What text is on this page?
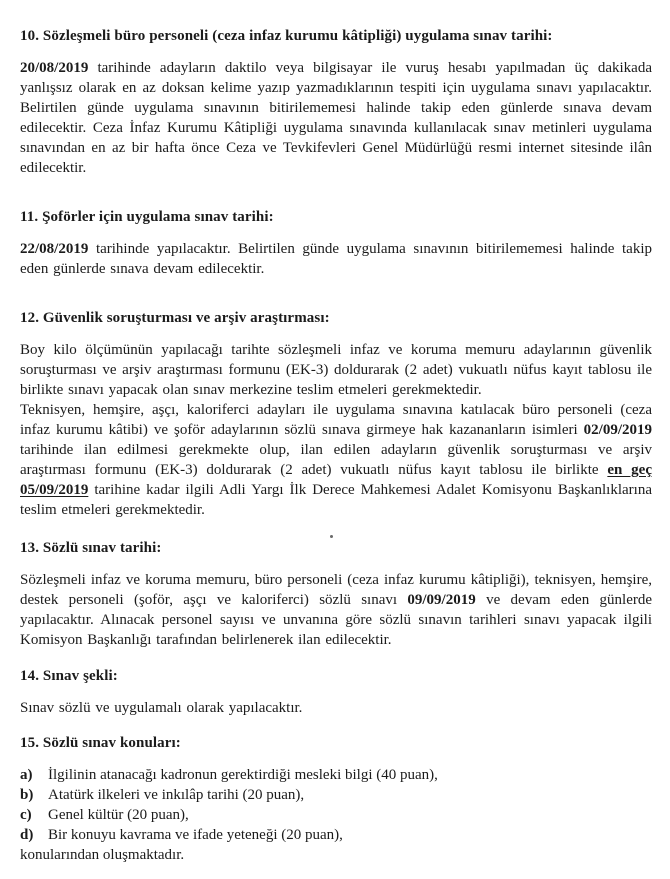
10. Sözleşmeli büro personeli (ceza infaz kurumu kâtipliği) uygulama sınav tarihi:

20/08/2019 tarihinde adayların daktilo veya bilgisayar ile vuruş hesabı yapılmadan üç dakikada yanlışsız olarak en az doksan kelime yazıp yazmadıklarının tespiti için uygulama sınavı yapılacaktır. Belirtilen günde uygulama sınavının bitirilememesi halinde takip eden günlerde sınava devam edilecektir. Ceza İnfaz Kurumu Kâtipliği uygulama sınavında kullanılacak sınav metinleri uygulama sınavından en az bir hafta önce Ceza ve Tevkifevleri Genel Müdürlüğü resmi internet sitesinde ilân edilecektir.

11. Şoförler için uygulama sınav tarihi:

22/08/2019 tarihinde yapılacaktır. Belirtilen günde uygulama sınavının bitirilememesi halinde takip eden günlerde sınava devam edilecektir.

12. Güvenlik soruşturması ve arşiv araştırması:

Boy kilo ölçümünün yapılacağı tarihte sözleşmeli infaz ve koruma memuru adaylarının güvenlik soruşturması ve arşiv araştırması formunu (EK-3) doldurarak (2 adet) vukuatlı nüfus kayıt tablosu ile birlikte sınavı yapacak olan sınav merkezine teslim etmeleri gerekmektedir.

Teknisyen, hemşire, aşçı, kaloriferci adayları ile uygulama sınavına katılacak büro personeli (ceza infaz kurumu kâtibi) ve şoför adaylarının sözlü sınava girmeye hak kazananların isimleri 02/09/2019 tarihinde ilan edilmesi gerekmekte olup, ilan edilen adayların güvenlik soruşturması ve arşiv araştırması formunu (EK-3) doldurarak (2 adet) vukuatlı nüfus kayıt tablosu ile birlikte en geç 05/09/2019 tarihine kadar ilgili Adli Yargı İlk Derece Mahkemesi Adalet Komisyonu Başkanlıklarına teslim etmeleri gerekmektedir.

13. Sözlü sınav tarihi:

Sözleşmeli infaz ve koruma memuru, büro personeli (ceza infaz kurumu kâtipliği), teknisyen, hemşire, destek personeli (şoför, aşçı ve kaloriferci) sözlü sınavı 09/09/2019 ve devam eden günlerde yapılacaktır. Alınacak personel sayısı ve unvanına göre sözlü sınavın tarihleri sınavı yapacak ilgili Komisyon Başkanlığı tarafından belirlenerek ilan edilecektir.

14. Sınav şekli:

Sınav sözlü ve uygulamalı olarak yapılacaktır.

15. Sözlü sınav konuları:
a)	İlgilinin atanacağı kadronun gerektirdiği mesleki bilgi (40 puan),
b) Atatürk ilkeleri ve inkılâp tarihi (20 puan),
c)	Genel kültür (20 puan),
d) Bir konuyu kavrama ve ifade yeteneği (20 puan),

konularından oluşmaktadır.
